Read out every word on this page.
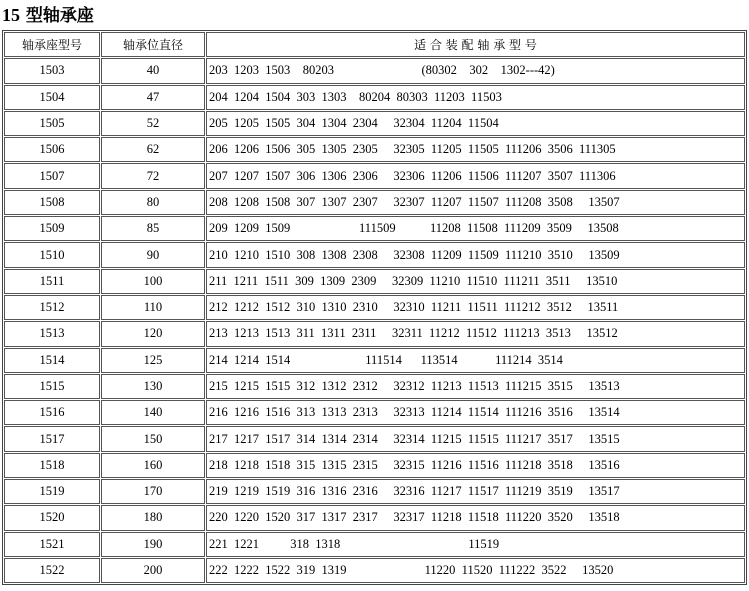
15 型轴承座
轴承座型号	轴承位直径	适 合 装 配 轴 承 型 号
1503	40	203  1203  1503    80203                            (80302    302    1302---42)
1504	47	204  1204  1504  303  1303    80204  80303  11203  11503
1505	52	205  1205  1505  304  1304  2304     32304  11204  11504
1506	62	206  1206  1506  305  1305  2305     32305  11205  11505  111206  3506  111305
1507	72	207  1207  1507  306  1306  2306     32306  11206  11506  111207  3507  111306
1508	80	208  1208  1508  307  1307  2307     32307  11207  11507  111208  3508     13507
1509	85	209  1209  1509                      111509           11208  11508  111209  3509     13508
1510	90	210  1210  1510  308  1308  2308     32308  11209  11509  111210  3510     13509
1511	100	211  1211  1511  309  1309  2309     32309  11210  11510  111211  3511     13510
1512	110	212  1212  1512  310  1310  2310     32310  11211  11511  111212  3512     13511
1513	120	213  1213  1513  311  1311  2311     32311  11212  11512  111213  3513     13512
1514	125	214  1214  1514                        111514      113514            111214  3514
1515	130	215  1215  1515  312  1312  2312     32312  11213  11513  111215  3515     13513
1516	140	216  1216  1516  313  1313  2313     32313  11214  11514  111216  3516     13514
1517	150	217  1217  1517  314  1314  2314     32314  11215  11515  111217  3517     13515
1518	160	218  1218  1518  315  1315  2315     32315  11216  11516  111218  3518     13516
1519	170	219  1219  1519  316  1316  2316     32316  11217  11517  111219  3519     13517
1520	180	220  1220  1520  317  1317  2317     32317  11218  11518  111220  3520     13518
1521	190	221  1221          318  1318                                         11519
1522	200	222  1222  1522  319  1319                         11220  11520  111222  3522     13520
